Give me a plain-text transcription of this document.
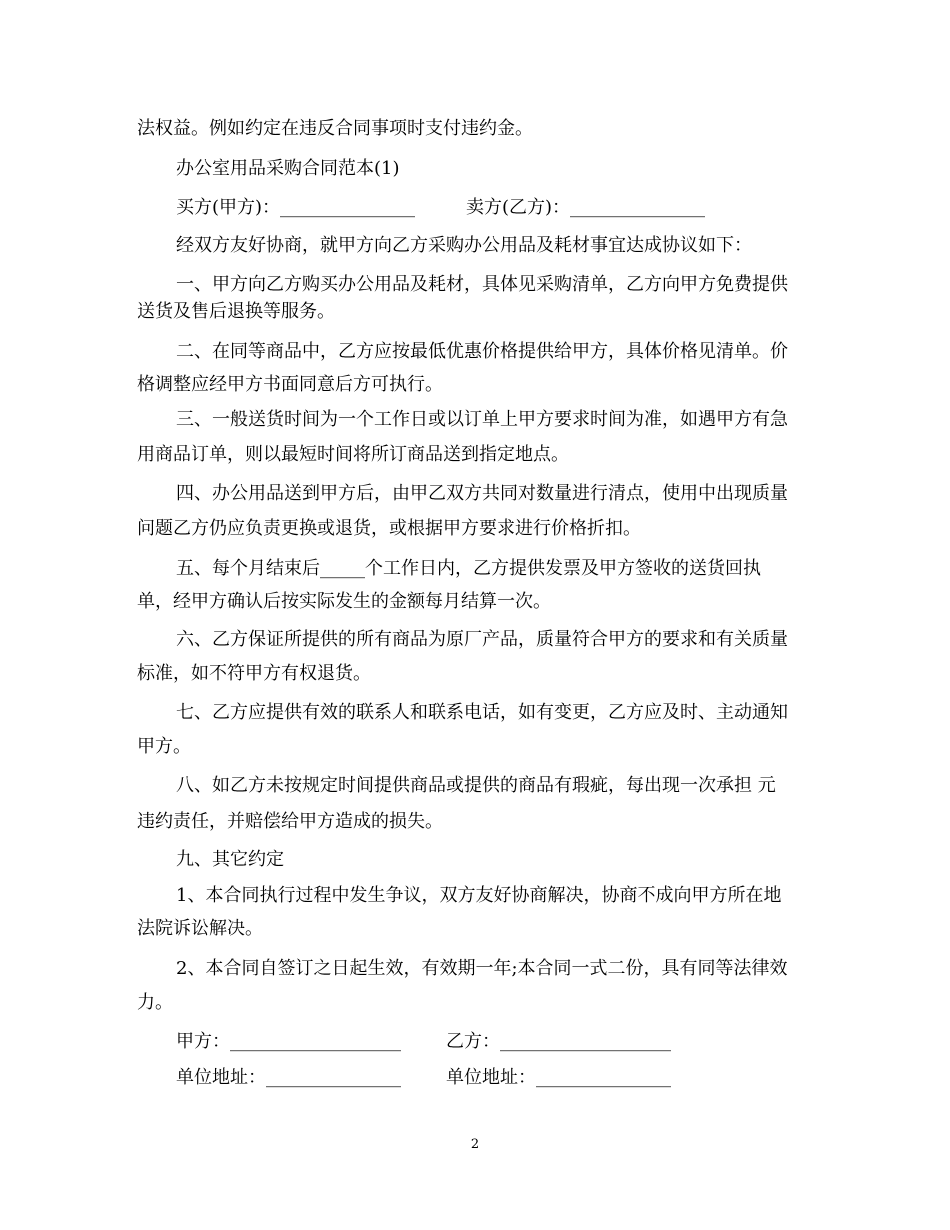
法权益。例如约定在违反合同事项时支付违约金。
办公室用品采购合同范本(1)
买方(甲方)：_______________	卖方(乙方)：_______________
经双方友好协商，就甲方向乙方采购办公用品及耗材事宜达成协议如下：
一、甲方向乙方购买办公用品及耗材，具体见采购清单，乙方向甲方免费提供
送货及售后退换等服务。
二、在同等商品中，乙方应按最低优惠价格提供给甲方，具体价格见清单。价
格调整应经甲方书面同意后方可执行。
三、一般送货时间为一个工作日或以订单上甲方要求时间为准，如遇甲方有急
用商品订单，则以最短时间将所订商品送到指定地点。
四、办公用品送到甲方后，由甲乙双方共同对数量进行清点，使用中出现质量
问题乙方仍应负责更换或退货，或根据甲方要求进行价格折扣。
五、每个月结束后_____个工作日内，乙方提供发票及甲方签收的送货回执
单，经甲方确认后按实际发生的金额每月结算一次。
六、乙方保证所提供的所有商品为原厂产品，质量符合甲方的要求和有关质量
标准，如不符甲方有权退货。
七、乙方应提供有效的联系人和联系电话，如有变更，乙方应及时、主动通知
甲方。
八、如乙方未按规定时间提供商品或提供的商品有瑕疵，每出现一次承担 元
违约责任，并赔偿给甲方造成的损失。
九、其它约定
1、本合同执行过程中发生争议，双方友好协商解决，协商不成向甲方所在地
法院诉讼解决。
2、本合同自签订之日起生效，有效期一年;本合同一式二份，具有同等法律效
力。
甲方：___________________	乙方：___________________
单位地址：_______________	单位地址：_______________
2
